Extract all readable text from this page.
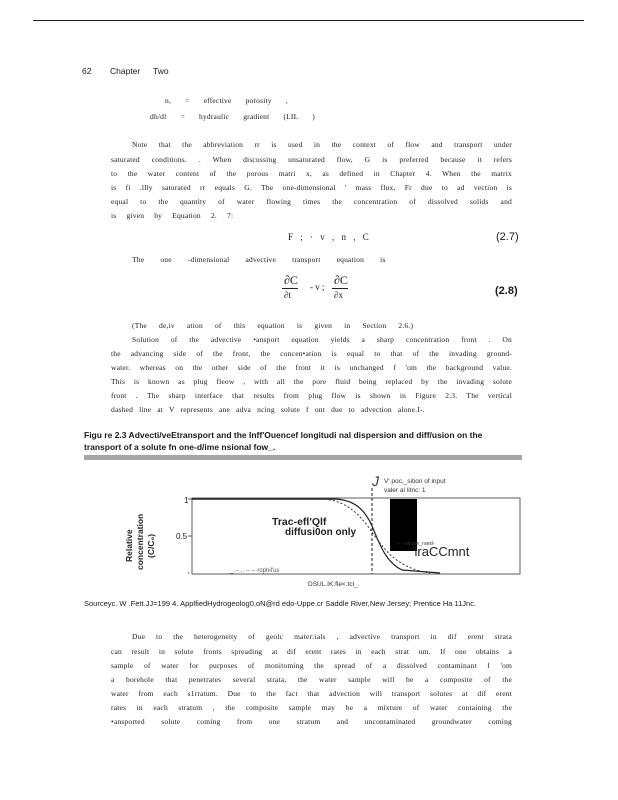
62 Chapter Two
n, = effective porosity ,
dh/dl = hydraulic gradient (LIL )
Note that the abbreviation rr is used in the context of flow and transport under
saturated conditions. . When discussing unsaturated flow, G is preferred because it refers
to the water content of the porous matri x, as defined in Chapter 4. When the matrix
is fi .llly saturated rr equals G. The one-dimensional ' mass flux, Fr due to ad vection is
equal to the quantity of water flowing times the concentration of dissolved solids and
is given by Equation 2. 7:
F ; · v , n , C	(2.7)
The one -dimensional advective transport equation is
∂C
∂t
- v ; ∂C
∂x	(2.8)
(The de,iv ation of this equation is given in Section 2.6.)
Solution of the advective •ansport equation yields a sharp concentration front . On
the advancing side of the front, the concen•ation is equal to that of the invading ground-
water. whereas on the other side of the front it is unchanged f 'om the background value.
This is known as plug fleow , with all the pore fluid being replaced by the invading solute
front . The sharp interface that results from plug flow is shown in Figure 2.3. The vertical
dashed line at V represents ane adva ncing solute f ont due to advection alone.I-.
Figu re 2.3 Advecti/veEtransport and the Inff'Ouencef longitudi nal dispersion and diff/usion on the
transport of a solute fn one-d/ime nsional fow_.
Relative concentration (C/C₀)
1
0.5
'
J V' poc,_sition of input
valer al litnc: 1
Trac-efl'Qlf
diffusi0on only
..-- --dispe_rsed-
'lraCCmnt
_.-- .. -- --·rophil'us
DSUL.IK.fle<.tcl_.
Sourceyc. W .Fett.JJ=199 4. ApplfiedHydrogeolog0,oN@rd edo-Uppe.cr Saddle River,New Jersey; Prentice Ha 11Jnc.
Due to the heterogeneity of geolc mater:ials , advective transport in dif erent strata
can result in solute fronts spreading at dif erent rates in each strat um. If one obtains a
sample of water for purposes of monitoming the spread of a dissolved contaminant f 'om
a borehole that penetrates several strata, the water sample will be a composite of the
water from each s1rratum. Due to the fact that advection will transport solutes at dif erent
rates in each stratum , the composite sample may be a mixture of water containing the
•ansported solute coming from one stratum and uncontaminated groundwater coming
